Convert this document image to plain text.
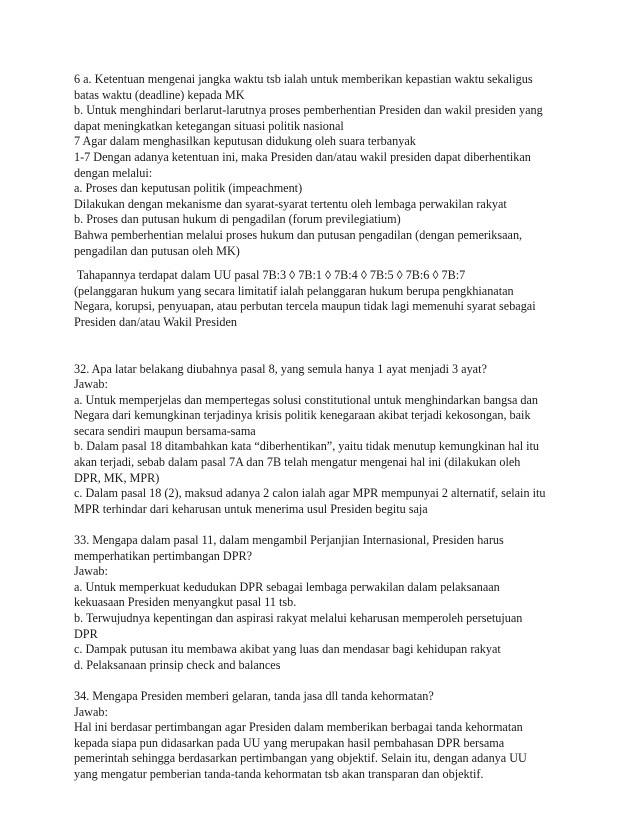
6 a. Ketentuan mengenai jangka waktu tsb ialah untuk memberikan kepastian waktu sekaligus
batas waktu (deadline) kepada MK
b. Untuk menghindari berlarut-larutnya proses pemberhentian Presiden dan wakil presiden yang
dapat meningkatkan ketegangan situasi politik nasional
7 Agar dalam menghasilkan keputusan didukung oleh suara terbanyak
1-7 Dengan adanya ketentuan ini, maka Presiden dan/atau wakil presiden dapat diberhentikan
dengan melalui:
a. Proses dan keputusan politik (impeachment)
Dilakukan dengan mekanisme dan syarat-syarat tertentu oleh lembaga perwakilan rakyat
b. Proses dan putusan hukum di pengadilan (forum previlegiatium)
Bahwa pemberhentian melalui proses hukum dan putusan pengadilan (dengan pemeriksaan,
pengadilan dan putusan oleh MK)
Tahapannya terdapat dalam UU pasal 7B:3 ◊ 7B:1 ◊ 7B:4 ◊ 7B:5 ◊ 7B:6 ◊ 7B:7
(pelanggaran hukum yang secara limitatif ialah pelanggaran hukum berupa pengkhianatan
Negara, korupsi, penyuapan, atau perbutan tercela maupun tidak lagi memenuhi syarat sebagai
Presiden dan/atau Wakil Presiden
32. Apa latar belakang diubahnya pasal 8, yang semula hanya 1 ayat menjadi 3 ayat?
Jawab:
a. Untuk memperjelas dan mempertegas solusi constitutional untuk menghindarkan bangsa dan
Negara dari kemungkinan terjadinya krisis politik kenegaraan akibat terjadi kekosongan, baik
secara sendiri maupun bersama-sama
b. Dalam pasal 18 ditambahkan kata “diberhentikan”, yaitu tidak menutup kemungkinan hal itu
akan terjadi, sebab dalam pasal 7A dan 7B telah mengatur mengenai hal ini (dilakukan oleh
DPR, MK, MPR)
c. Dalam pasal 18 (2), maksud adanya 2 calon ialah agar MPR mempunyai 2 alternatif, selain itu
MPR terhindar dari keharusan untuk menerima usul Presiden begitu saja
33. Mengapa dalam pasal 11, dalam mengambil Perjanjian Internasional, Presiden harus
memperhatikan pertimbangan DPR?
Jawab:
a. Untuk memperkuat kedudukan DPR sebagai lembaga perwakilan dalam pelaksanaan
kekuasaan Presiden menyangkut pasal 11 tsb.
b. Terwujudnya kepentingan dan aspirasi rakyat melalui keharusan memperoleh persetujuan
DPR
c. Dampak putusan itu membawa akibat yang luas dan mendasar bagi kehidupan rakyat
d. Pelaksanaan prinsip check and balances
34. Mengapa Presiden memberi gelaran, tanda jasa dll tanda kehormatan?
Jawab:
Hal ini berdasar pertimbangan agar Presiden dalam memberikan berbagai tanda kehormatan
kepada siapa pun didasarkan pada UU yang merupakan hasil pembahasan DPR bersama
pemerintah sehingga berdasarkan pertimbangan yang objektif. Selain itu, dengan adanya UU
yang mengatur pemberian tanda-tanda kehormatan tsb akan transparan dan objektif.
